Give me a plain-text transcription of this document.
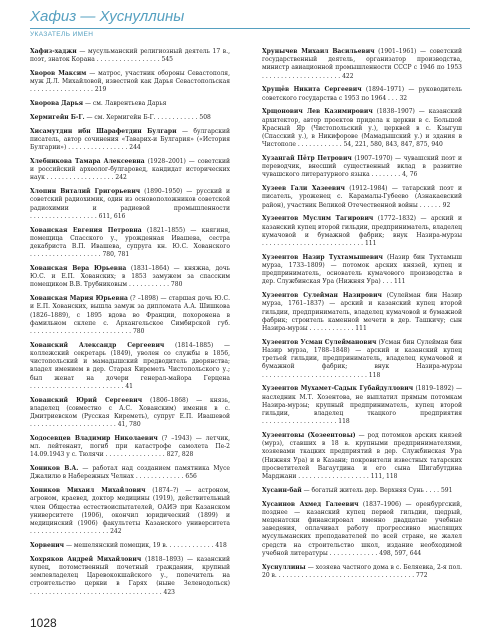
Хафиз — Хуснуллины
УКАЗАТЕЛЬ ИМЕН

Хафиз-хаджи — мусульманский религиозный деятель 17 в., поэт, знаток Корана . . . . . . . . . . . . . . . . . 545

Хворов Максим — матрос, участник обороны Севастополя, муж Д.Л. Михайловой, известной как Дарья Севастопольская . . . . . . . . . . . . . . . . . 219

Хворова Дарья — см. Лаврентьева Дарья

Хермигейн Б-Г. — см. Хермигейн Б-Г. . . . . . . . . . . . 508

Хисамутдин ибн Шарафетдин Булгари — булгарский писатель, автор сочинения «Таварих-и Булгария» («История Булгарии») . . . . . . . . . . . . . . . . 244

Хлебникова Тамара Алексеевна (1928–2001) — советский и российский археолог-булгаровед, кандидат исторических наук . . . . . . . . . . . . . . . . . . 242

Хлопин Виталий Григорьевич (1890–1950) — русский и советский радиохимик, один из основоположников советской радиохимии и радиевой промышленности . . . . . . . . . . . . . . . . . . 611, 616

Хованская Евгения Петровна (1821–1855) — княгиня, помещица Спасского у., урожденная Ивашева, сестра декабриста В.П. Ивашева, супруга кн. Ю.С. Хованского . . . . . . . . . . . . . . . . . . . 780, 781

Хованская Вера Юрьевна (1831–1864) — княжна, дочь Ю.С. и Е.П. Хованских; в 1853 замужем за спасским помещиком В.В. Трубниковым . . . . . . . . . . . 780

Хованская Мария Юрьевна (? –1898) — старшая дочь Ю.С. и Е.П. Хованских, вышла замуж за дипломата А.А. Шишкова (1826–1889), с 1895 вдова во Франции, похоронена в фамильном склепе с. Архангельское Симбирской губ. . . . . . . . . . . . . . . . . . . . . . . . . . . . 780

Хованский Александр Сергеевич (1814–1885) — коллежский секретарь (1849), уволен со службы в 1856, чистопольский и мамадышский предводитель дворянства; владел имением в дер. Старая Киреметь Чистопольского у.; был женат на дочери генерал-майора Герцена . . . . . . . . . . . . . . . . . . . . . . . . . 41

Хованский Юрий Сергеевич (1806–1868) — князь, владелец (совместно с А.С. Хованским) имения в с. Дмитриевском (Русская Киреметь), супруг Е.П. Ивашевой . . . . . . . . . . . . . . . . . . . . . . . 41, 780

Ходосевцев Владимир Николаевич (? –1943) — летчик, мл. лейтенант, погиб при катастрофе самолета Пе-2 14.09.1943 у с. Тюлячи . . . . . . . . . . . . . . . . 827, 828

Хоников В.А. — работал над созданием памятника Мусе Джалилю в Набережных Челнах . . . . . . . . . . . . . 656

Хоников Михаил Михайлович (1874–?) — астроном, агроном, краевед, доктор медицины (1919), действительный член Общества естествоиспытателей, ОАИЭ при Казанском университете (1906), окончил юридический (1899) и медицинский (1906) факультеты Казанского университета . . . . . . . . . . . . . . . . . . . . . 242

Хорвенич — мешелянский помещик, 19 в. . . . . . . . . . . . . 418

Хохряков Андрей Михайлович (1818–1893) — казанский купец, потомственный почетный гражданин, крупный землевладелец Царевококшайского у., попечитель на строительство церкви в Гарях (ныне Зеленодольск) . . . . . . . . . . . . . . . . . . . . . . . . . . . . . . . . . . . 423

Хрунычев Михаил Васильевич (1901–1961) — советский государственный деятель, организатор производства, министр авиационной промышленности СССР с 1946 по 1953 . . . . . . . . . . . . . . . . . . . . . 422

Хрущёв Никита Сергеевич (1894–1971) — руководитель советского государства с 1953 по 1964 . . . 32

Хрщонович Лев Казимирович (1838–1907) — казанский архитектор, автор проектов придела к церкви в с. Большой Красный Яр (Чистопольский у.), церквей в с. Кзыгуш (Спасский у.), в Никифорове (Мамадышский у.) и здания в Чистополе . . . . . . . . . . . . 54, 221, 580, 843, 847, 875, 940

Хузангай Пётр Петрович (1907–1970) — чувашский поэт и переводчик, внесший существенный вклад в развитие чувашского литературного языка . . . . . . . . 4, 76

Хузеев Гали Хазеевич (1912–1984) — татарский поэт и писатель, уроженец с. Карамалы-Губеево (Азнакаевский район), участник Великой Отечественной войны . . . . . . 92

Хузеентов Муслим Тагирович (1772–1832) — арский и казанский купец второй гильдии, предприниматель, владелец кумачовой и бумажной фабрик; внук Назира-мурзы . . . . . . . . . . . . . . . . . . . . . . . . . . . 111

Хузеентов Назир Тухтамышевич (Назир бин Тухтамыш мурза, 1733–1809) — потомок арских князей, купец и предприниматель, основатель кумачового производства в дер. Службинская Уpa (Нижняя Ура) . . . 111

Хузеентов Сулейман Назирович (Сулейман бин Назир мурза, 1761–1837) — арский и казанский купец второй гильдии, предприниматель, владелец кумачовой и бумажной фабрик; строитель каменной мечети в дер. Ташкичу; сын Назира-мурзы . . . . . . . . . . . . 111

Хузеентов Усман Сулейманович (Усман бин Сулейман бин Назир мурза, 1788–1848) — арский и казанский купец третьей гильдии, предприниматель, владелец кумачовой и бумажной фабрик; внук Назира-мурзы . . . . . . . . . . . . . . . . . . . . . . . . . . . . 118

Хузеентов Мухамет-Садык Губайдуллович (1819–1892) — наследник М.Т. Хозентова, не выплатил прямым потомкам Назира-мурзы; крупный предприниматель, купец второй гильдии, владелец ткацкого предприятия . . . . . . . . . . . . . . . . . . . . 118

Хузеентовы (Хозеентовы) — род потомков арских князей (мурз), ставших в 18 в. крупными предпринимателями, хозяевами ткацких предприятий в дер. Службинская Ура (Нижняя Ура) и в Казани; покровители известных татарских просветителей Вагаутдина и его сына Шигабутдина Марджани . . . . . . . . . . . . . . . . . . . 111, 118

Хусаин-бай — богатый житель дер. Верхняя Сунь . . . . 591

Хусаинов Ахмед Галеевич (1837–1906) — оренбургский, позднее — казанский купец первой гильдии, щедрый, меценатски финансировал именно двадцатые учебные заведения, оплачивал работу прогрессивно мыслящих мусульманских преподавателей по всей стране, не жалел средств на строительство школ, издание необходимой учебной литературы . . . . . . . . . . . . . 498, 597, 644

Хуснуллины — хозяева частного дома в с. Беляевка, 2-я пол. 20 в. . . . . . . . . . . . . . . . . . . . . . . . . . . . . . . . . . . . . 772

1028
